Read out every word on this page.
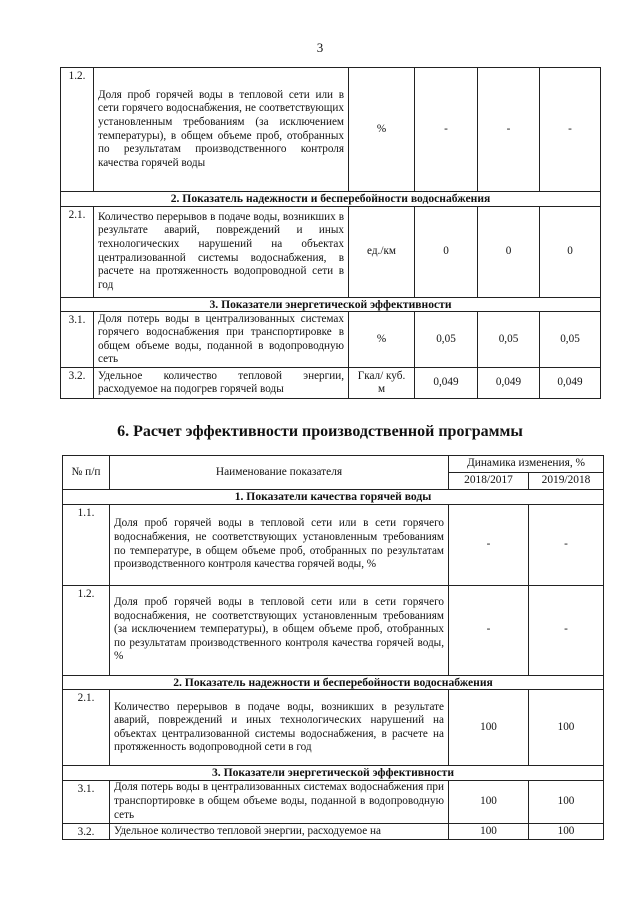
3
1.2.	Доля проб горячей воды в тепловой сети или в сети горячего водоснабжения, не соответствующих установленным требованиям (за исключением температуры), в общем объеме проб, отобранных по результатам производственного контроля качества горячей воды	%	-	-	-
2. Показатель надежности и бесперебойности водоснабжения					
2.1.	Количество перерывов в подаче воды, возникших в результате аварий, повреждений и иных технологических нарушений на объектах централизованной системы водоснабжения, в расчете на протяженность водопроводной сети в год	ед./км	0	0	0
3. Показатели энергетической эффективности					
3.1.	Доля потерь воды в централизованных системах горячего водоснабжения при транспортировке в общем объеме воды, поданной в водопроводную сеть	%	0,05	0,05	0,05
3.2.	Удельное количество тепловой энергии, расходуемое на подогрев горячей воды	Гкал/ куб. м	0,049	0,049	0,049
6. Расчет эффективности производственной программы
№ п/п	Наименование показателя	Динамика изменения, %	
		2018/2017	2019/2018
1. Показатели качества горячей воды			
1.1.	Доля проб горячей воды в тепловой сети или в сети горячего водоснабжения, не соответствующих установленным требованиям по температуре, в общем объеме проб, отобранных по результатам производственного контроля качества горячей воды, %	-	-
1.2.	Доля проб горячей воды в тепловой сети или в сети горячего водоснабжения, не соответствующих установленным требованиям (за исключением температуры), в общем объеме проб, отобранных по результатам производственного контроля качества горячей воды, %	-	-
2. Показатель надежности и бесперебойности водоснабжения			
2.1.	Количество перерывов в подаче воды, возникших в результате аварий, повреждений и иных технологических нарушений на объектах централизованной системы водоснабжения, в расчете на протяженность водопроводной сети в год	100	100
3. Показатели энергетической эффективности			
3.1.	Доля потерь воды в централизованных системах водоснабжения при транспортировке в общем объеме воды, поданной в водопроводную сеть	100	100
3.2.	Удельное количество тепловой энергии, расходуемое на	100	100
